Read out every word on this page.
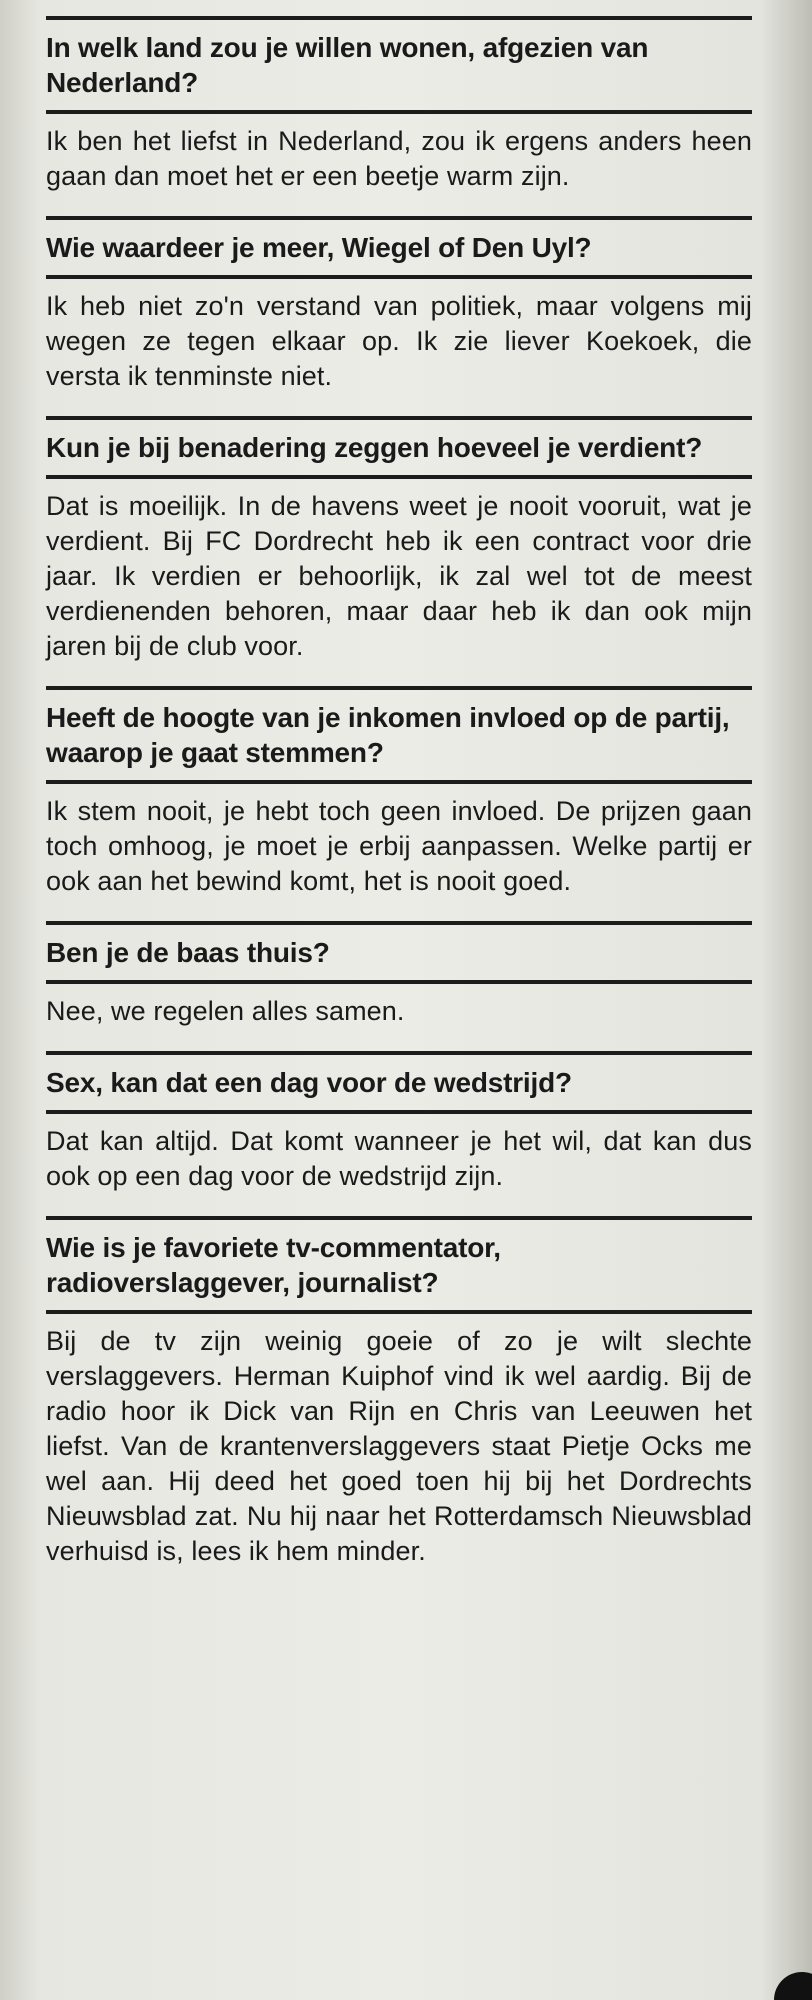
In welk land zou je willen wonen, afgezien van Nederland?

Ik ben het liefst in Nederland, zou ik ergens anders heen gaan dan moet het er een beetje warm zijn.

Wie waardeer je meer, Wiegel of Den Uyl?

Ik heb niet zo'n verstand van politiek, maar volgens mij wegen ze tegen elkaar op. Ik zie liever Koekoek, die versta ik tenminste niet.

Kun je bij benadering zeggen hoeveel je verdient?

Dat is moeilijk. In de havens weet je nooit vooruit, wat je verdient. Bij FC Dordrecht heb ik een contract voor drie jaar. Ik verdien er behoorlijk, ik zal wel tot de meest verdienenden behoren, maar daar heb ik dan ook mijn jaren bij de club voor.

Heeft de hoogte van je inkomen invloed op de partij, waarop je gaat stemmen?

Ik stem nooit, je hebt toch geen invloed. De prijzen gaan toch omhoog, je moet je erbij aanpassen. Welke partij er ook aan het bewind komt, het is nooit goed.

Ben je de baas thuis?

Nee, we regelen alles samen.

Sex, kan dat een dag voor de wedstrijd?

Dat kan altijd. Dat komt wanneer je het wil, dat kan dus ook op een dag voor de wedstrijd zijn.

Wie is je favoriete tv-commentator, radioverslaggever, journalist?

Bij de tv zijn weinig goeie of zo je wilt slechte verslaggevers. Herman Kuiphof vind ik wel aardig. Bij de radio hoor ik Dick van Rijn en Chris van Leeuwen het liefst. Van de krantenverslaggevers staat Pietje Ocks me wel aan. Hij deed het goed toen hij bij het Dordrechts Nieuwsblad zat. Nu hij naar het Rotterdamsch Nieuwsblad verhuisd is, lees ik hem minder.
